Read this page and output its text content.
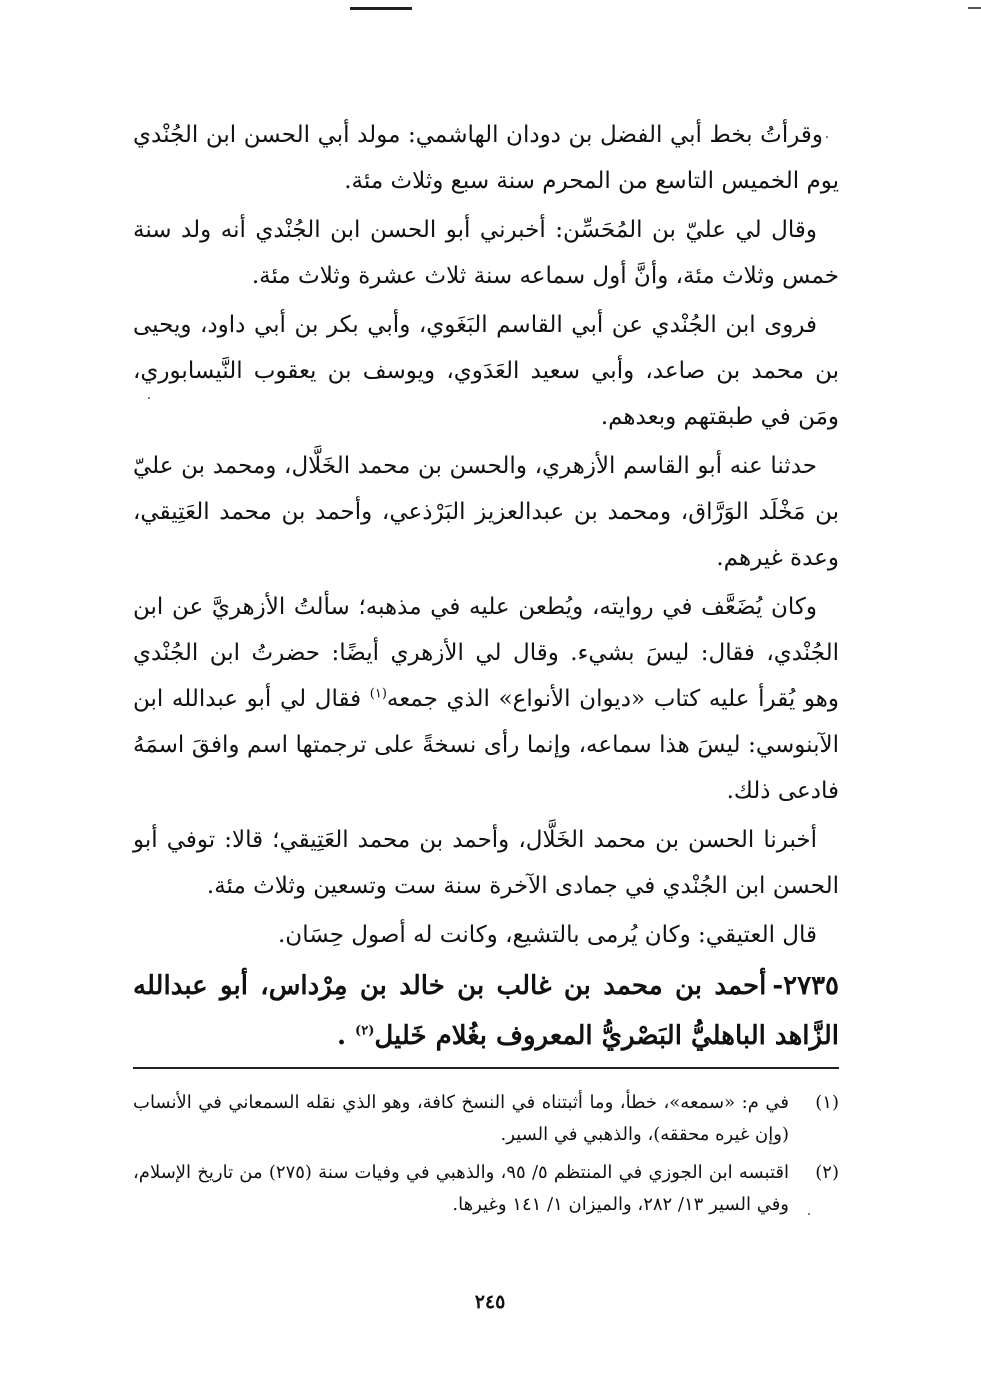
وقرأتُ بخط أبي الفضل بن دودان الهاشمي: مولد أبي الحسن ابن الجُنْدي يوم الخميس التاسع من المحرم سنة سبع وثلاث مئة.

وقال لي عليّ بن المُحَسِّن: أخبرني أبو الحسن ابن الجُنْدي أنه ولد سنة خمس وثلاث مئة، وأنَّ أول سماعه سنة ثلاث عشرة وثلاث مئة.

فروى ابن الجُنْدي عن أبي القاسم البَغَوي، وأبي بكر بن أبي داود، ويحيى بن محمد بن صاعد، وأبي سعيد العَدَوي، ويوسف بن يعقوب النَّيسابوري، ومَن في طبقتهم وبعدهم.

حدثنا عنه أبو القاسم الأزهري، والحسن بن محمد الخَلَّال، ومحمد بن عليّ بن مَخْلَد الوَرَّاق، ومحمد بن عبدالعزيز البَرْذعي، وأحمد بن محمد العَتِيقي، وعدة غيرهم.

وكان يُضَعَّف في روايته، ويُطعن عليه في مذهبه؛ سألتُ الأزهريَّ عن ابن الجُنْدي، فقال: ليسَ بشيء. وقال لي الأزهري أيضًا: حضرتُ ابن الجُنْدي وهو يُقرأ عليه كتاب «ديوان الأنواع» الذي جمعه$^{(١)}$ فقال لي أبو عبدالله ابن الآبنوسي: ليسَ هذا سماعه، وإنما رأى نسخةً على ترجمتها اسم وافقَ اسمَهُ فادعى ذلك.

أخبرنا الحسن بن محمد الخَلَّال، وأحمد بن محمد العَتِيقي؛ قالا: توفي أبو الحسن ابن الجُنْدي في جمادى الآخرة سنة ست وتسعين وثلاث مئة.

قال العتيقي: وكان يُرمى بالتشيع، وكانت له أصول حِسَان.

٢٧٣٥-أحمد بن محمد بن غالب بن خالد بن مِرْداس، أبو عبدالله الزَّاهد الباهليُّ البَصْريُّ المعروف بغُلام خَليل$^{(٢)}$ .

(١)
في م: «سمعه»، خطأ، وما أثبتناه في النسخ كافة، وهو الذي نقله السمعاني في الأنساب (وإن غيره محققه)، والذهبي في السير.
(٢)
اقتبسه ابن الجوزي في المنتظم ٥/ ٩٥، والذهبي في وفيات سنة (٢٧٥) من تاريخ الإسلام، وفي السير ١٣/ ٢٨٢، والميزان ١/ ١٤١ وغيرها.
٢٤٥
